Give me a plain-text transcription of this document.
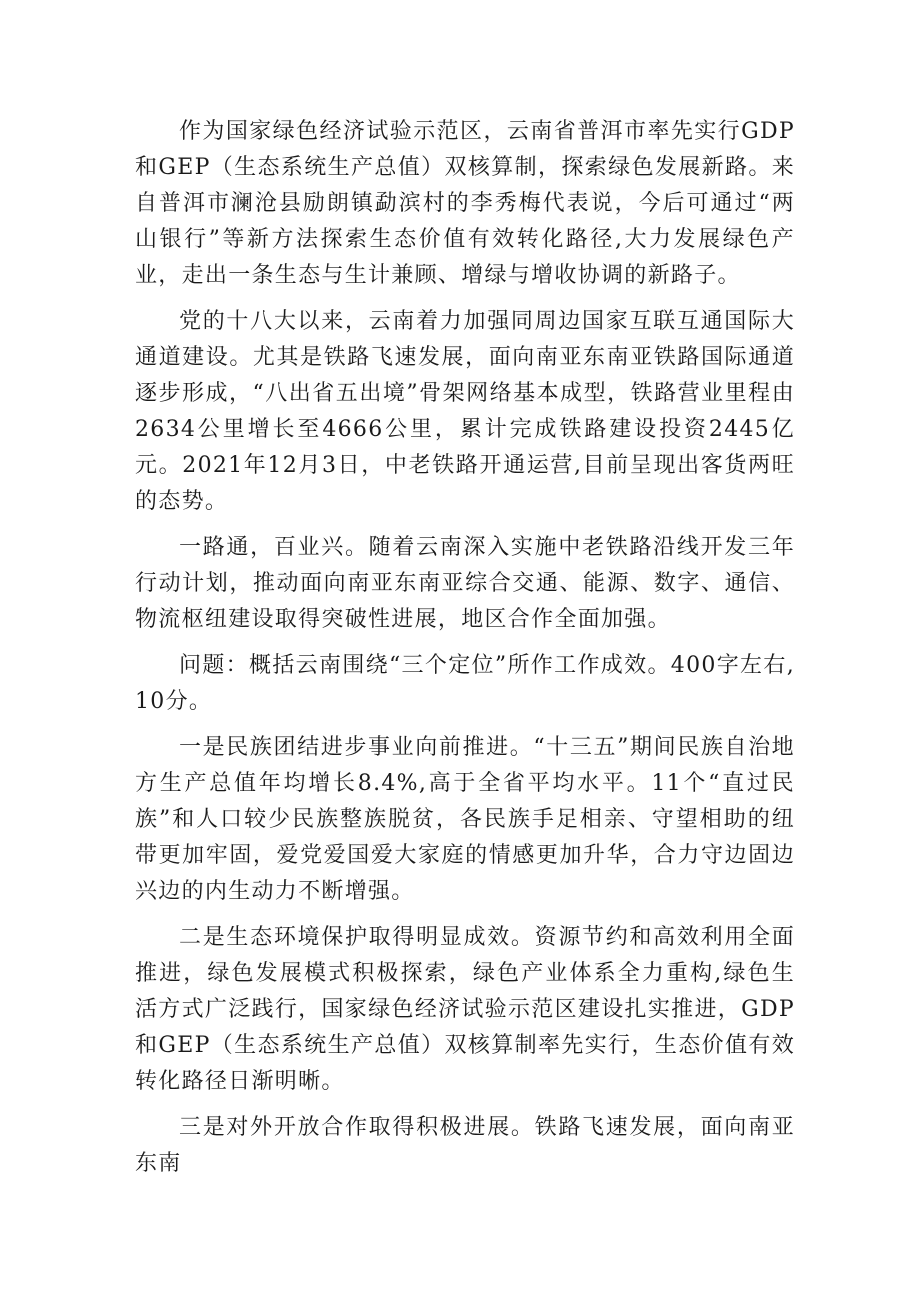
作为国家绿色经济试验示范区，云南省普洱市率先实行GDP和GEP（生态系统生产总值）双核算制，探索绿色发展新路。来自普洱市澜沧县励朗镇勐滨村的李秀梅代表说，今后可通过“两山银行”等新方法探索生态价值有效转化路径,大力发展绿色产业，走出一条生态与生计兼顾、增绿与增收协调的新路子。

党的十八大以来，云南着力加强同周边国家互联互通国际大通道建设。尤其是铁路飞速发展，面向南亚东南亚铁路国际通道逐步形成，“八出省五出境”骨架网络基本成型，铁路营业里程由2634公里增长至4666公里，累计完成铁路建设投资2445亿元。2021年12月3日，中老铁路开通运营,目前呈现出客货两旺的态势。

一路通，百业兴。随着云南深入实施中老铁路沿线开发三年行动计划，推动面向南亚东南亚综合交通、能源、数字、通信、物流枢纽建设取得突破性进展，地区合作全面加强。

问题：概括云南围绕“三个定位”所作工作成效。400字左右,10分。

一是民族团结进步事业向前推进。“十三五”期间民族自治地方生产总值年均增长8.4%,高于全省平均水平。11个“直过民族”和人口较少民族整族脱贫，各民族手足相亲、守望相助的纽带更加牢固，爱党爱国爱大家庭的情感更加升华，合力守边固边兴边的内生动力不断增强。

二是生态环境保护取得明显成效。资源节约和高效利用全面推进，绿色发展模式积极探索，绿色产业体系全力重构,绿色生活方式广泛践行，国家绿色经济试验示范区建设扎实推进，GDP和GEP（生态系统生产总值）双核算制率先实行，生态价值有效转化路径日渐明晰。

三是对外开放合作取得积极进展。铁路飞速发展，面向南亚东南
